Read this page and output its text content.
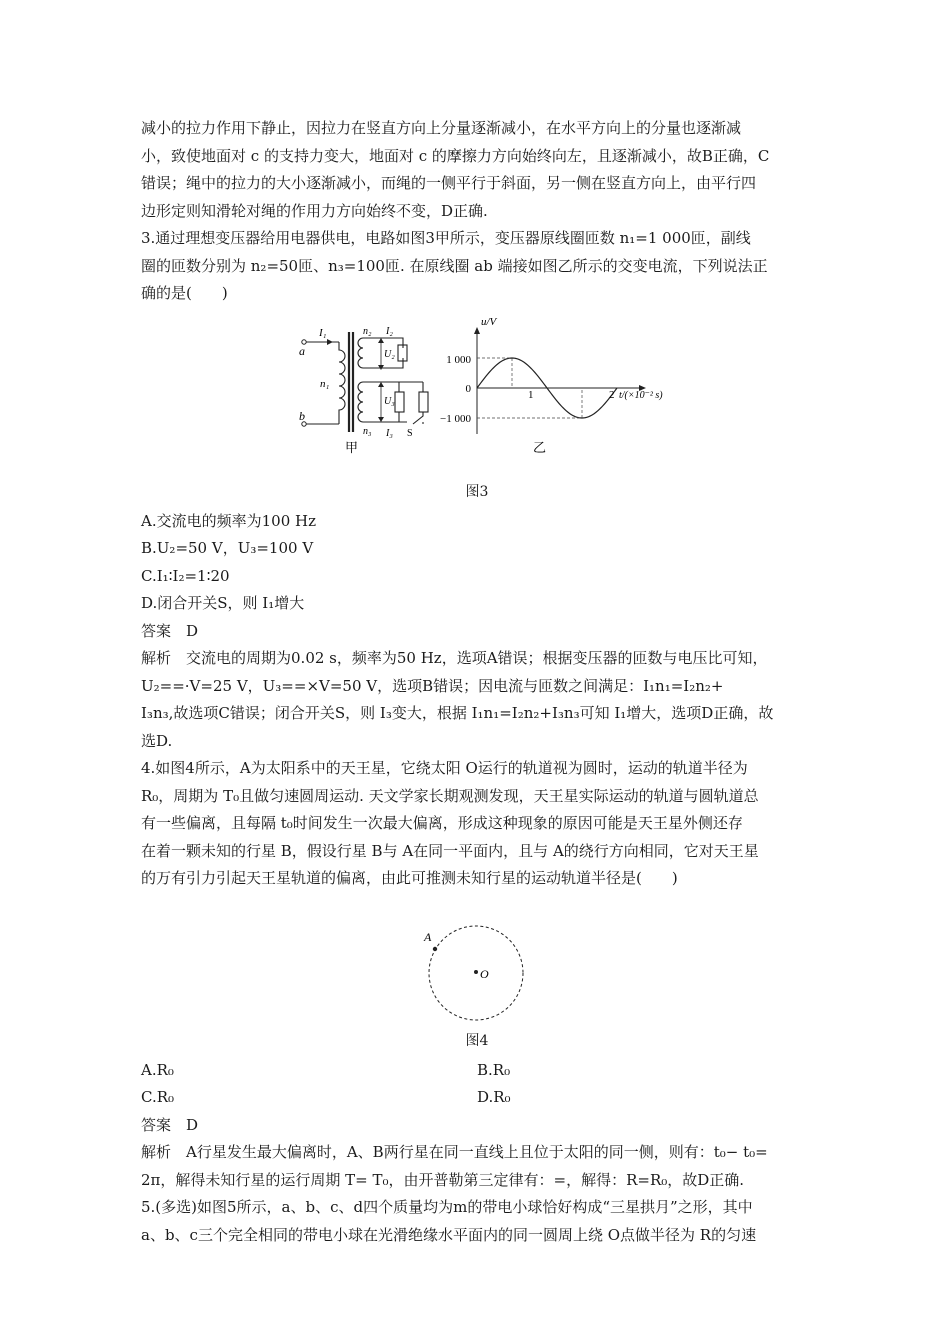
减小的拉力作用下静止，因拉力在竖直方向上分量逐渐减小，在水平方向上的分量也逐渐减

小，致使地面对 c 的支持力变大，地面对 c 的摩擦力方向始终向左，且逐渐减小，故B正确，C

错误；绳中的拉力的大小逐渐减小，而绳的一侧平行于斜面，另一侧在竖直方向上，由平行四

边形定则知滑轮对绳的作用力方向始终不变，D正确.

3.通过理想变压器给用电器供电，电路如图3甲所示，变压器原线圈匝数 n₁=1 000匝，副线

圈的匝数分别为 n₂=50匝、n₃=100匝. 在原线圈 ab 端接如图乙所示的交变电流，下列说法正

确的是(　　)

I₁
a
b
n₁
n₂ I₂
U₂
U₃
n₃ I₃ S
甲
u/V
1 000
0
−1 000
1	2 t/(×10⁻² s)
乙
图3

A.交流电的频率为100 Hz

B.U₂=50 V，U₃=100 V

C.I₁∶I₂=1∶20

D.闭合开关S，则 I₁增大

答案　D

解析　交流电的周期为0.02 s，频率为50 Hz，选项A错误；根据变压器的匝数与电压比可知，

U₂==·V=25 V，U₃==×V=50 V，选项B错误；因电流与匝数之间满足：I₁n₁=I₂n₂+

I₃n₃,故选项C错误；闭合开关S，则 I₃变大，根据 I₁n₁=I₂n₂+I₃n₃可知 I₁增大，选项D正确，故

选D.

4.如图4所示，A为太阳系中的天王星，它绕太阳 O运行的轨道视为圆时，运动的轨道半径为

R₀，周期为 T₀且做匀速圆周运动. 天文学家长期观测发现，天王星实际运动的轨道与圆轨道总

有一些偏离，且每隔 t₀时间发生一次最大偏离，形成这种现象的原因可能是天王星外侧还存

在着一颗未知的行星 B，假设行星 B与 A在同一平面内，且与 A的绕行方向相同，它对天王星

的万有引力引起天王星轨道的偏离，由此可推测未知行星的运动轨道半径是(　　)

A
O
图4
A.R₀	B.R₀
C.R₀	D.R₀

答案　D

解析　A行星发生最大偏离时，A、B两行星在同一直线上且位于太阳的同一侧，则有：t₀− t₀=

2π，解得未知行星的运行周期 T= T₀，由开普勒第三定律有：=，解得：R=R₀，故D正确.

5.(多选)如图5所示，a、b、c、d四个质量均为m的带电小球恰好构成“三星拱月”之形，其中

a、b、c三个完全相同的带电小球在光滑绝缘水平面内的同一圆周上绕 O点做半径为 R的匀速
